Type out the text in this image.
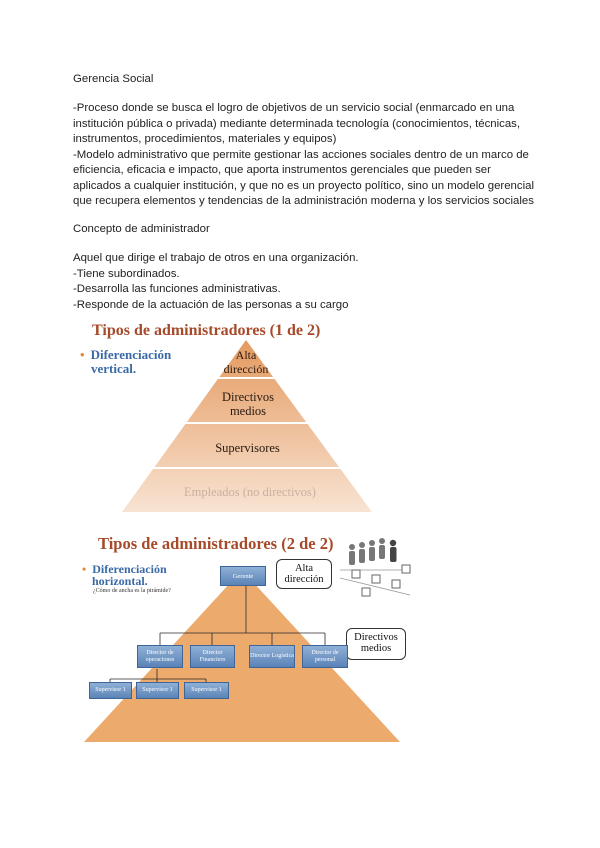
Gerencia Social
-Proceso donde se busca el logro de objetivos de un servicio social (enmarcado en una
institución pública o privada) mediante determinada tecnología (conocimientos, técnicas,
instrumentos, procedimientos, materiales y equipos)
-Modelo administrativo que permite gestionar las acciones sociales dentro de un marco de
eficiencia, eficacia e impacto, que aporta instrumentos gerenciales que pueden ser
aplicados a cualquier institución, y que no es un proyecto político, sino un modelo gerencial
que recupera elementos y tendencias de la administración moderna y los servicios sociales
Concepto de administrador
Aquel que dirige el trabajo de otros en una organización.
-Tiene subordinados.
-Desarrolla las funciones administrativas.
-Responde de la actuación de las personas a su cargo
Tipos de administradores (1 de 2)
• Diferenciación
vertical.
Alta dirección
Directivos medios
Supervisores
Empleados (no directivos)
Tipos de administradores (2 de 2)
• Diferenciación
horizontal.
¿Cómo de ancha es la pirámide?
Gerente
Alta dirección
Directivos medios
Director de operaciones
Director Financiero
Director Logística
Director de personal
Supervisor 1	Supervisor 1	Supervisor 1
